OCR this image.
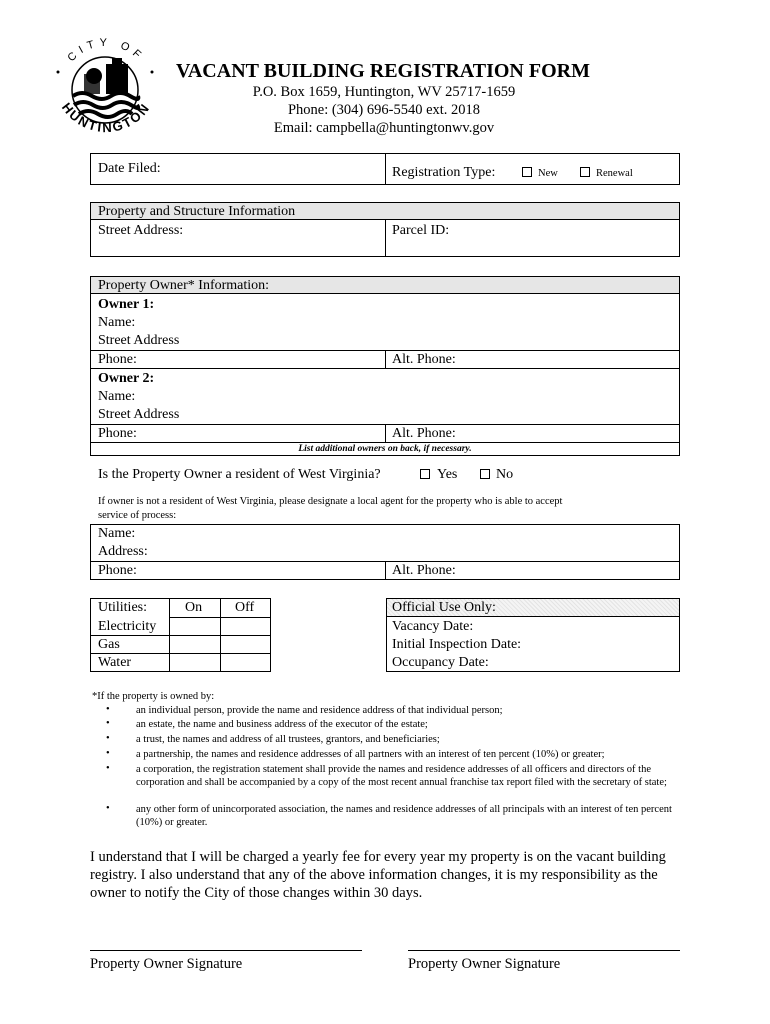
CITY OF
HUNTINGTON
VACANT BUILDING REGISTRATION FORM
P.O. Box 1659, Huntington, WV 25717-1659
Phone: (304) 696-5540 ext. 2018
Email: campbella@huntingtonwv.gov
Date Filed:	Registration Type:	New	Renewal
Property and Structure Information
Street Address:	Parcel ID:
Property Owner* Information:
Owner 1:
Name:
Street Address
Phone:	Alt. Phone:
Owner 2:
Name:
Street Address
Phone:	Alt. Phone:
List additional owners on back, if necessary.
Is the Property Owner a resident of West Virginia?	Yes	No
If owner is not a resident of West Virginia, please designate a local agent for the property who is able to accept
service of process:
Name:
Address:
Phone:	Alt. Phone:
Utilities:	On Off
Electricity
Gas
Water
Official Use Only:
Vacancy Date:
Initial Inspection Date:
Occupancy Date:
*If the property is owned by:
•	an individual person, provide the name and residence address of that individual person;
•	an estate, the name and business address of the executor of the estate;
•	a trust, the names and address of all trustees, grantors, and beneficiaries;
•	a partnership, the names and residence addresses of all partners with an interest of ten percent (10%) or greater;
•	a corporation, the registration statement shall provide the names and residence addresses of all officers and directors of the corporation and shall be accompanied by a copy of the most recent annual franchise tax report filed with the secretary of state;
•	any other form of unincorporated association, the names and residence addresses of all principals with an interest of ten percent (10%) or greater.
I understand that I will be charged a yearly fee for every year my property is on the vacant building registry. I also understand that any of the above information changes, it is my responsibility as the owner to notify the City of those changes within 30 days.
Property Owner Signature	Property Owner Signature
